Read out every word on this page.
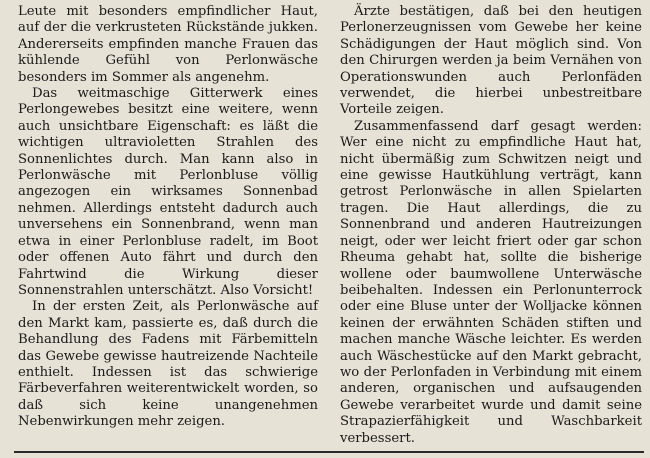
Leute mit besonders empfindlicher Haut, auf der die verkrusteten Rückstände jukken. Andererseits empfinden manche Frauen das kühlende Gefühl von Perlonwäsche besonders im Sommer als angenehm.

Das weitmaschige Gitterwerk eines Perlongewebes besitzt eine weitere, wenn auch unsichtbare Eigenschaft: es läßt die wichtigen ultravioletten Strahlen des Sonnenlichtes durch. Man kann also in Perlonwäsche mit Perlonbluse völlig angezogen ein wirksames Sonnenbad nehmen. Allerdings entsteht dadurch auch unversehens ein Sonnenbrand, wenn man etwa in einer Perlonbluse radelt, im Boot oder offenen Auto fährt und durch den Fahrtwind die Wirkung dieser Sonnenstrahlen unterschätzt. Also Vorsicht!

In der ersten Zeit, als Perlonwäsche auf den Markt kam, passierte es, daß durch die Behandlung des Fadens mit Färbemitteln das Gewebe gewisse hautreizende Nachteile enthielt. Indessen ist das schwierige Färbeverfahren weiterentwickelt worden, so daß sich keine unangenehmen Nebenwirkungen mehr zeigen.

Ärzte bestätigen, daß bei den heutigen Perlonerzeugnissen vom Gewebe her keine Schädigungen der Haut möglich sind. Von den Chirurgen werden ja beim Vernähen von Operationswunden auch Perlonfäden verwendet, die hierbei unbestreitbare Vorteile zeigen.

Zusammenfassend darf gesagt werden: Wer eine nicht zu empfindliche Haut hat, nicht übermäßig zum Schwitzen neigt und eine gewisse Hautkühlung verträgt, kann getrost Perlonwäsche in allen Spielarten tragen. Die Haut allerdings, die zu Sonnenbrand und anderen Hautreizungen neigt, oder wer leicht friert oder gar schon Rheuma gehabt hat, sollte die bisherige wollene oder baumwollene Unterwäsche beibehalten. Indessen ein Perlonunterrock oder eine Bluse unter der Wolljacke können keinen der erwähnten Schäden stiften und machen manche Wäsche leichter. Es werden auch Wäschestücke auf den Markt gebracht, wo der Perlonfaden in Verbindung mit einem anderen, organischen und aufsaugenden Gewebe verarbeitet wurde und damit seine Strapazierfähigkeit und Waschbarkeit verbessert.
